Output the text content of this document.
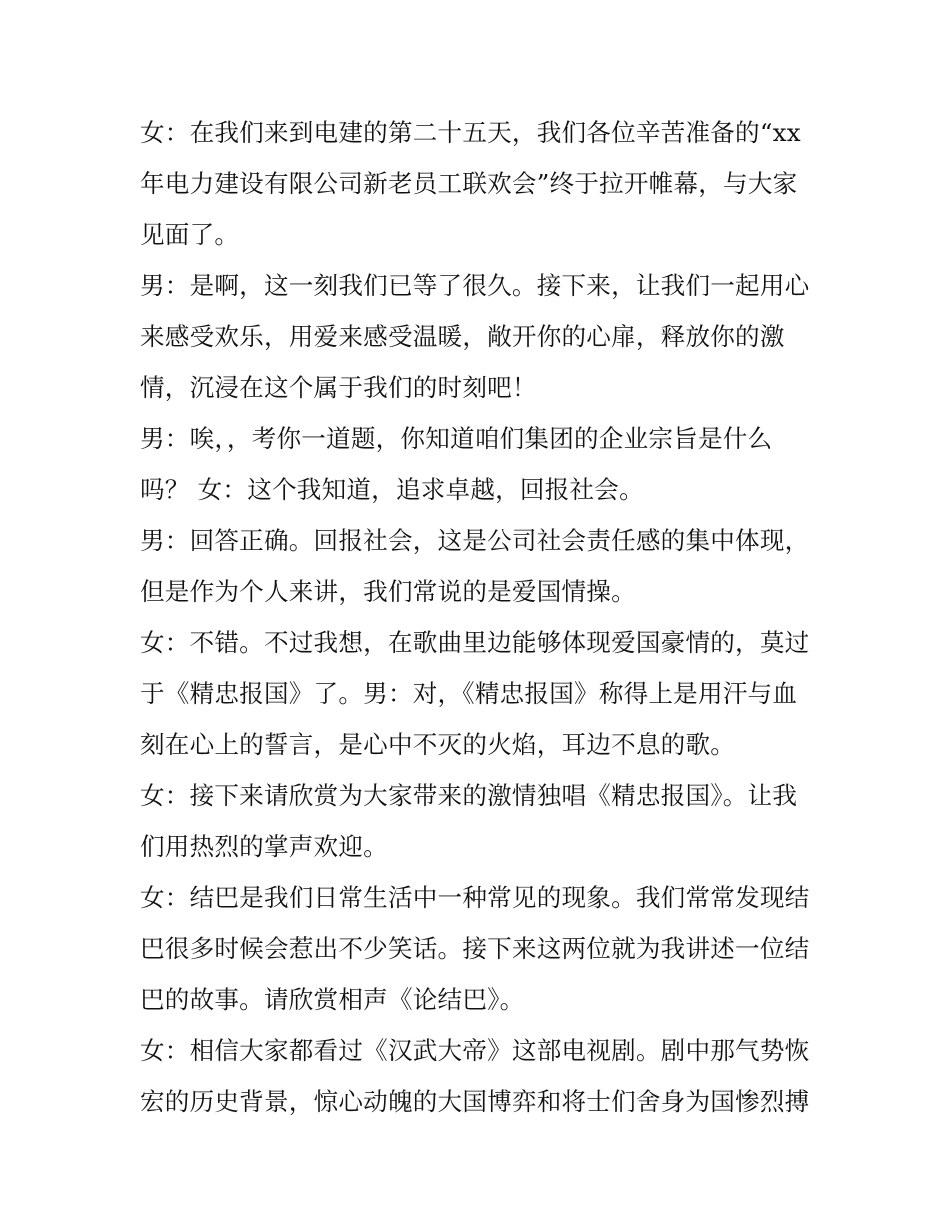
女：在我们来到电建的第二十五天，我们各位辛苦准备的“xx
年电力建设有限公司新老员工联欢会”终于拉开帷幕，与大家
见面了。
男：是啊，这一刻我们已等了很久。接下来，让我们一起用心
来感受欢乐，用爱来感受温暖，敞开你的心扉，释放你的激
情，沉浸在这个属于我们的时刻吧！
男：唉，，考你一道题，你知道咱们集团的企业宗旨是什么
吗？ 女：这个我知道，追求卓越，回报社会。
男：回答正确。回报社会，这是公司社会责任感的集中体现，
但是作为个人来讲，我们常说的是爱国情操。
女：不错。不过我想，在歌曲里边能够体现爱国豪情的，莫过
于《精忠报国》了。男：对，《精忠报国》称得上是用汗与血
刻在心上的誓言，是心中不灭的火焰，耳边不息的歌。
女：接下来请欣赏为大家带来的激情独唱《精忠报国》。让我
们用热烈的掌声欢迎。
女：结巴是我们日常生活中一种常见的现象。我们常常发现结
巴很多时候会惹出不少笑话。接下来这两位就为我讲述一位结
巴的故事。请欣赏相声《论结巴》。
女：相信大家都看过《汉武大帝》这部电视剧。剧中那气势恢
宏的历史背景，惊心动魄的大国博弈和将士们舍身为国惨烈搏
